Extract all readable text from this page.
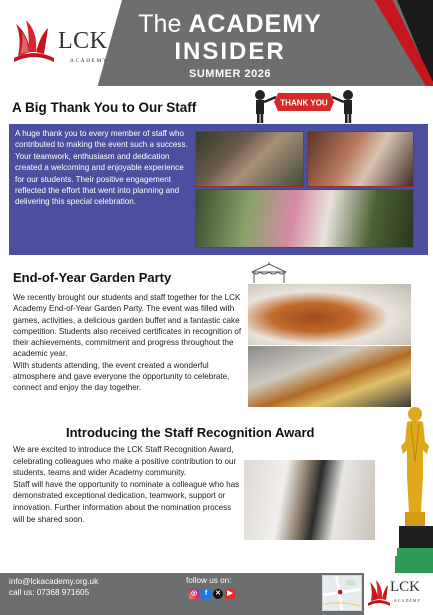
LCK
ACADEMY
The ACADEMY
INSIDER
SUMMER 2026
A Big Thank You to Our Staff	THANK YOU
A huge thank you to every member of staff who contributed to making the event such a success. Your teamwork, enthusiasm and dedication created a welcoming and enjoyable experience for our students. Their positive engagement reflected the effort that went into planning and delivering this special celebration.
End-of-Year Garden Party

We recently brought our students and staff together for the LCK Academy End-of-Year Garden Party. The event was filled with games, activities, a delicious garden buffet and a fantastic cake competition. Students also received certificates in recognition of their achievements, commitment and progress throughout the academic year.

With students attending, the event created a wonderful atmosphere and gave everyone the opportunity to celebrate, connect and enjoy the day together.

Introducing the Staff Recognition Award

We are excited to introduce the LCK Staff Recognition Award, celebrating colleagues who make a positive contribution to our students, teams and wider Academy community.

Staff will have the opportunity to nominate a colleague who has demonstrated exceptional dedication, teamwork, support or innovation. Further information about the nomination process will be shared soon.

info@lckacademy.org.uk
call us: 07368 971605
follow us on:
◎	f	✕ ▶	LCK
ACADEMY
